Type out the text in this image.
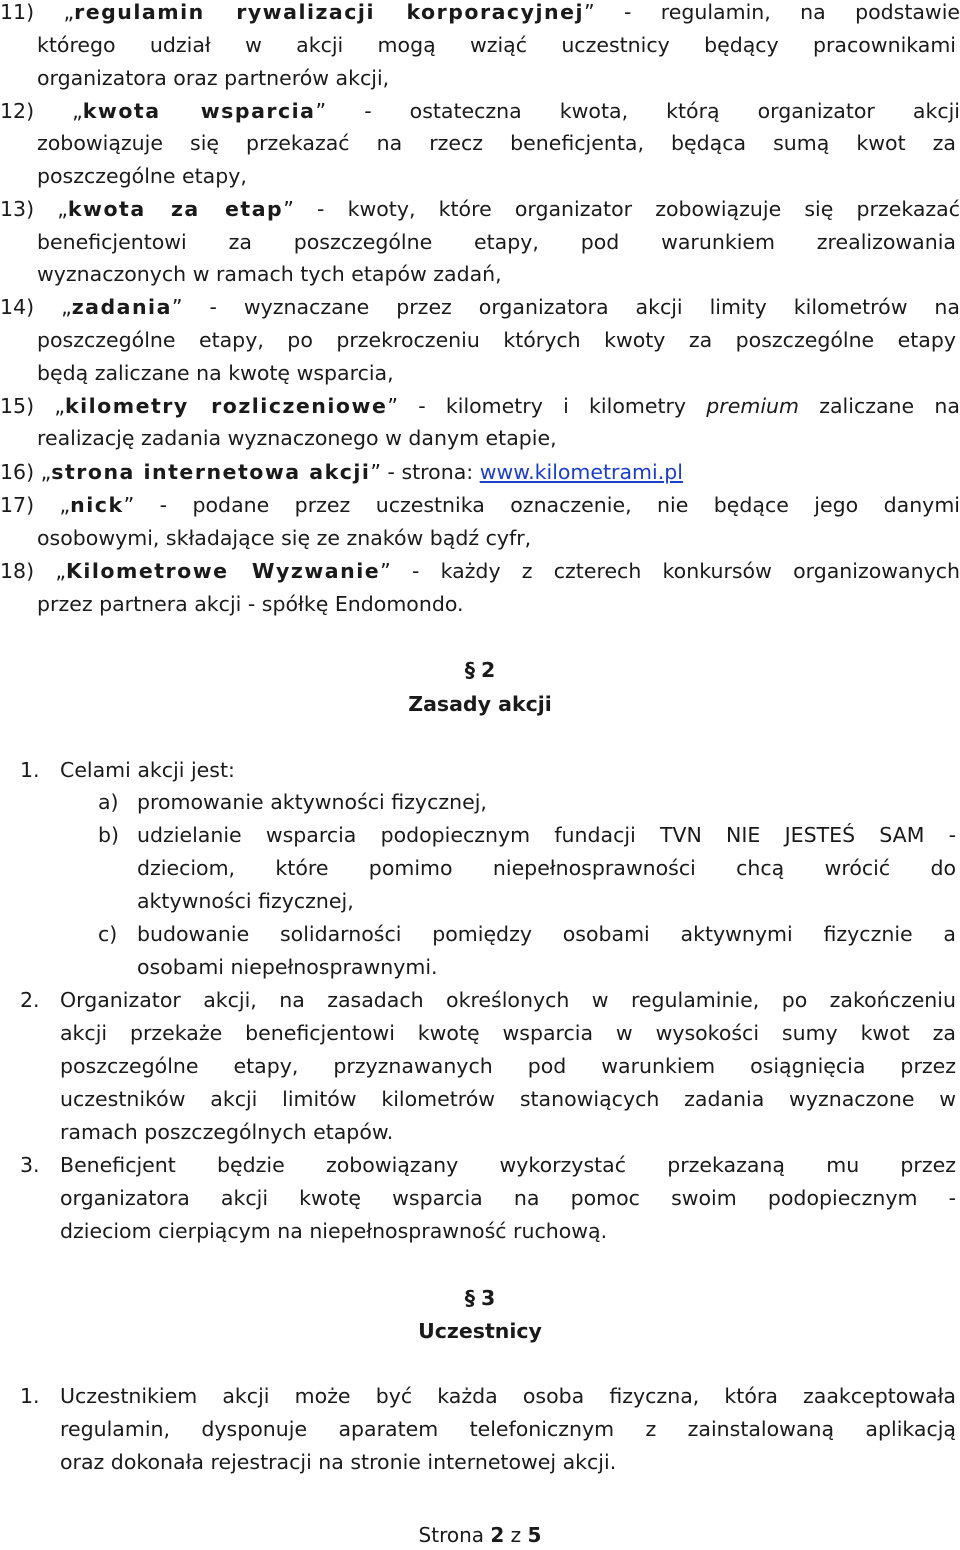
11) „regulamin rywalizacji korporacyjnej” - regulamin, na podstawie
którego udział w akcji mogą wziąć uczestnicy będący pracownikami
organizatora oraz partnerów akcji,
12) „kwota wsparcia” - ostateczna kwota, którą organizator akcji
zobowiązuje się przekazać na rzecz beneficjenta, będąca sumą kwot za
poszczególne etapy,
13) „kwota za etap” - kwoty, które organizator zobowiązuje się przekazać
beneficjentowi za poszczególne etapy, pod warunkiem zrealizowania
wyznaczonych w ramach tych etapów zadań,
14) „zadania” - wyznaczane przez organizatora akcji limity kilometrów na
poszczególne etapy, po przekroczeniu których kwoty za poszczególne etapy
będą zaliczane na kwotę wsparcia,
15) „kilometry rozliczeniowe” - kilometry i kilometry premium zaliczane na
realizację zadania wyznaczonego w danym etapie,
16) „strona internetowa akcji” - strona: www.kilometrami.pl
17) „nick” - podane przez uczestnika oznaczenie, nie będące jego danymi
osobowymi, składające się ze znaków bądź cyfr,
18) „Kilometrowe Wyzwanie” - każdy z czterech konkursów organizowanych
przez partnera akcji - spółkę Endomondo.
§ 2
Zasady akcji
1. Celami akcji jest:
a) promowanie aktywności fizycznej,
b) udzielanie wsparcia podopiecznym fundacji TVN NIE JESTEŚ SAM -
dzieciom, które pomimo niepełnosprawności chcą wrócić do
aktywności fizycznej,
c) budowanie solidarności pomiędzy osobami aktywnymi fizycznie a
osobami niepełnosprawnymi.
2. Organizator akcji, na zasadach określonych w regulaminie, po zakończeniu
akcji przekaże beneficjentowi kwotę wsparcia w wysokości sumy kwot za
poszczególne etapy, przyznawanych pod warunkiem osiągnięcia przez
uczestników akcji limitów kilometrów stanowiących zadania wyznaczone w
ramach poszczególnych etapów.
3. Beneficjent będzie zobowiązany wykorzystać przekazaną mu przez
organizatora akcji kwotę wsparcia na pomoc swoim podopiecznym -
dzieciom cierpiącym na niepełnosprawność ruchową.
§ 3
Uczestnicy
1. Uczestnikiem akcji może być każda osoba fizyczna, która zaakceptowała
regulamin, dysponuje aparatem telefonicznym z zainstalowaną aplikacją
oraz dokonała rejestracji na stronie internetowej akcji.
Strona 2 z 5
